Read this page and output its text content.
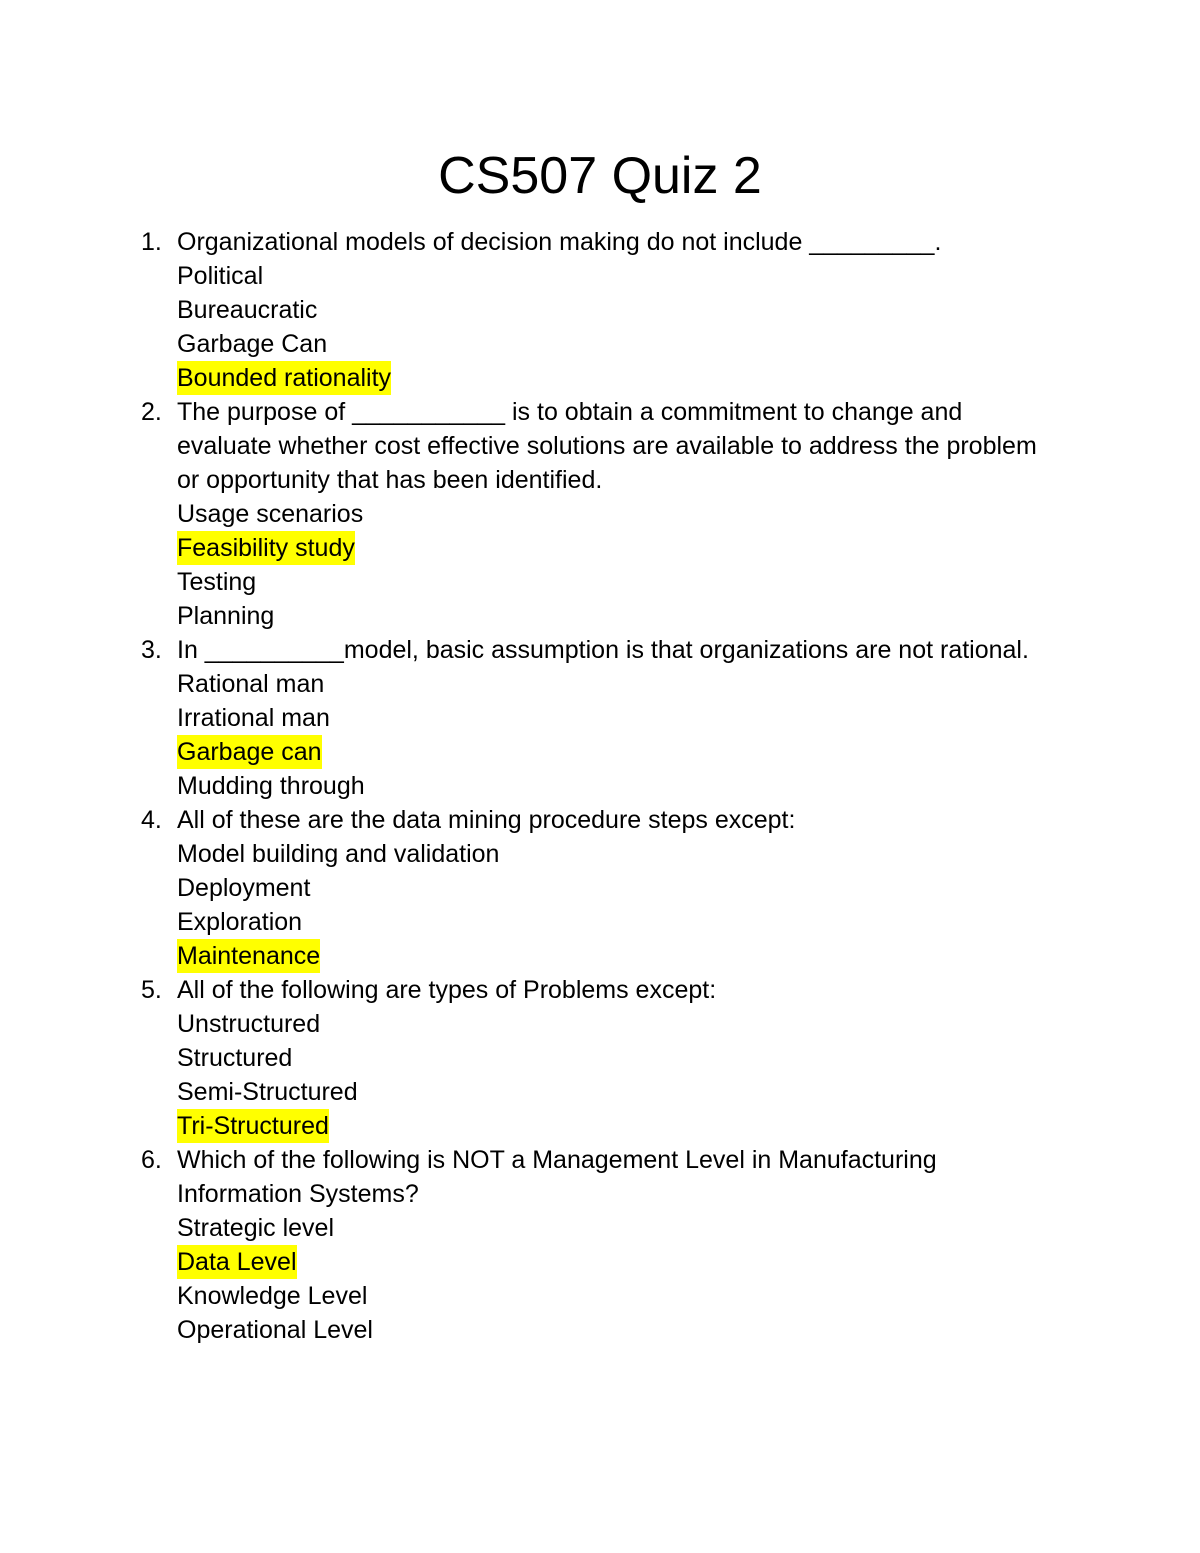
CS507 Quiz 2
1. Organizational models of decision making do not include _________.
Political
Bureaucratic
Garbage Can
Bounded rationality
2. The purpose of ___________ is to obtain a commitment to change and evaluate whether cost effective solutions are available to address the problem or opportunity that has been identified.
Usage scenarios
Feasibility study
Testing
Planning
3. In __________model, basic assumption is that organizations are not rational.
Rational man
Irrational man
Garbage can
Mudding through
4. All of these are the data mining procedure steps except:
Model building and validation
Deployment
Exploration
Maintenance
5. All of the following are types of Problems except:
Unstructured
Structured
Semi-Structured
Tri-Structured
6. Which of the following is NOT a Management Level in Manufacturing Information Systems?
Strategic level
Data Level
Knowledge Level
Operational Level
